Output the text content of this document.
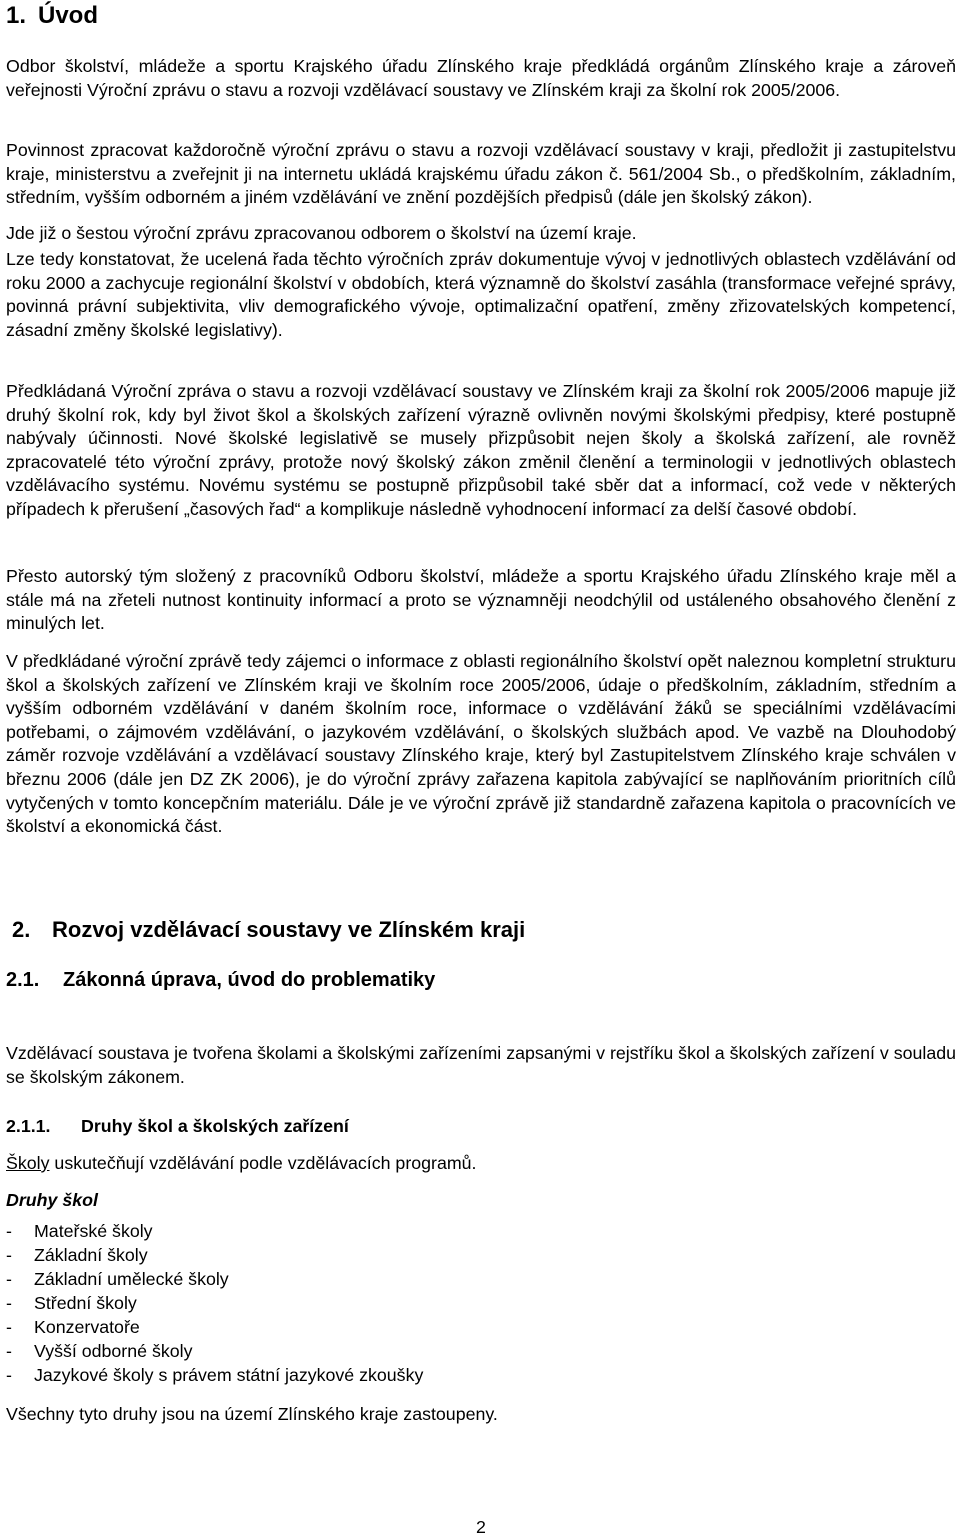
1. Úvod

Odbor školství, mládeže a sportu Krajského úřadu Zlínského kraje předkládá orgánům Zlínského kraje a zároveň veřejnosti Výroční zprávu o stavu a rozvoji vzdělávací soustavy ve Zlínském kraji za školní rok 2005/2006.

Povinnost zpracovat každoročně výroční zprávu o stavu a rozvoji vzdělávací soustavy v kraji, předložit ji zastupitelstvu kraje, ministerstvu a zveřejnit ji na internetu ukládá krajskému úřadu zákon č. 561/2004 Sb., o předškolním, základním, středním, vyšším odborném a jiném vzdělávání ve znění pozdějších předpisů (dále jen školský zákon).

Jde již o šestou výroční zprávu zpracovanou odborem o školství na území kraje.

Lze tedy konstatovat, že ucelená řada těchto výročních zpráv dokumentuje vývoj v jednotlivých oblastech vzdělávání od roku 2000 a zachycuje regionální školství v obdobích, která významně do školství zasáhla (transformace veřejné správy, povinná právní subjektivita, vliv demografického vývoje, optimalizační opatření, změny zřizovatelských kompetencí, zásadní změny školské legislativy).

Předkládaná Výroční zpráva o stavu a rozvoji vzdělávací soustavy ve Zlínském kraji za školní rok 2005/2006 mapuje již druhý školní rok, kdy byl život škol a školských zařízení výrazně ovlivněn novými školskými předpisy, které postupně nabývaly účinnosti. Nové školské legislativě se musely přizpůsobit nejen školy a školská zařízení, ale rovněž zpracovatelé této výroční zprávy, protože nový školský zákon změnil členění a terminologii v jednotlivých oblastech vzdělávacího systému. Novému systému se postupně přizpůsobil také sběr dat a informací, což vede v některých případech k přerušení „časových řad“ a komplikuje následně vyhodnocení informací za delší časové období.

Přesto autorský tým složený z pracovníků Odboru školství, mládeže a sportu Krajského úřadu Zlínského kraje měl a stále má na zřeteli nutnost kontinuity informací a proto se významněji neodchýlil od ustáleného obsahového členění z minulých let.

V předkládané výroční zprávě tedy zájemci o informace z oblasti regionálního školství opět naleznou kompletní strukturu škol a školských zařízení ve Zlínském kraji ve školním roce 2005/2006, údaje o předškolním, základním, středním a vyšším odborném vzdělávání v daném školním roce, informace o vzdělávání žáků se speciálními vzdělávacími potřebami, o zájmovém vzdělávání, o jazykovém vzdělávání, o školských službách apod. Ve vazbě na Dlouhodobý záměr rozvoje vzdělávání a vzdělávací soustavy Zlínského kraje, který byl Zastupitelstvem Zlínského kraje schválen v březnu 2006 (dále jen DZ ZK 2006), je do výroční zprávy zařazena kapitola zabývající se naplňováním prioritních cílů vytyčených v tomto koncepčním materiálu. Dále je ve výroční zprávě již standardně zařazena kapitola o pracovnících ve školství a ekonomická část.

2. Rozvoj vzdělávací soustavy ve Zlínském kraji
2.1. Zákonná úprava, úvod do problematiky

Vzdělávací soustava je tvořena školami a školskými zařízeními zapsanými v rejstříku škol a školských zařízení v souladu se školským zákonem.

2.1.1. Druhy škol a školských zařízení

Školy uskutečňují vzdělávání podle vzdělávacích programů.

Druhy škol
- Mateřské školy
- Základní školy
- Základní umělecké školy
- Střední školy
- Konzervatoře
- Vyšší odborné školy
- Jazykové školy s právem státní jazykové zkoušky

Všechny tyto druhy jsou na území Zlínského kraje zastoupeny.

2
